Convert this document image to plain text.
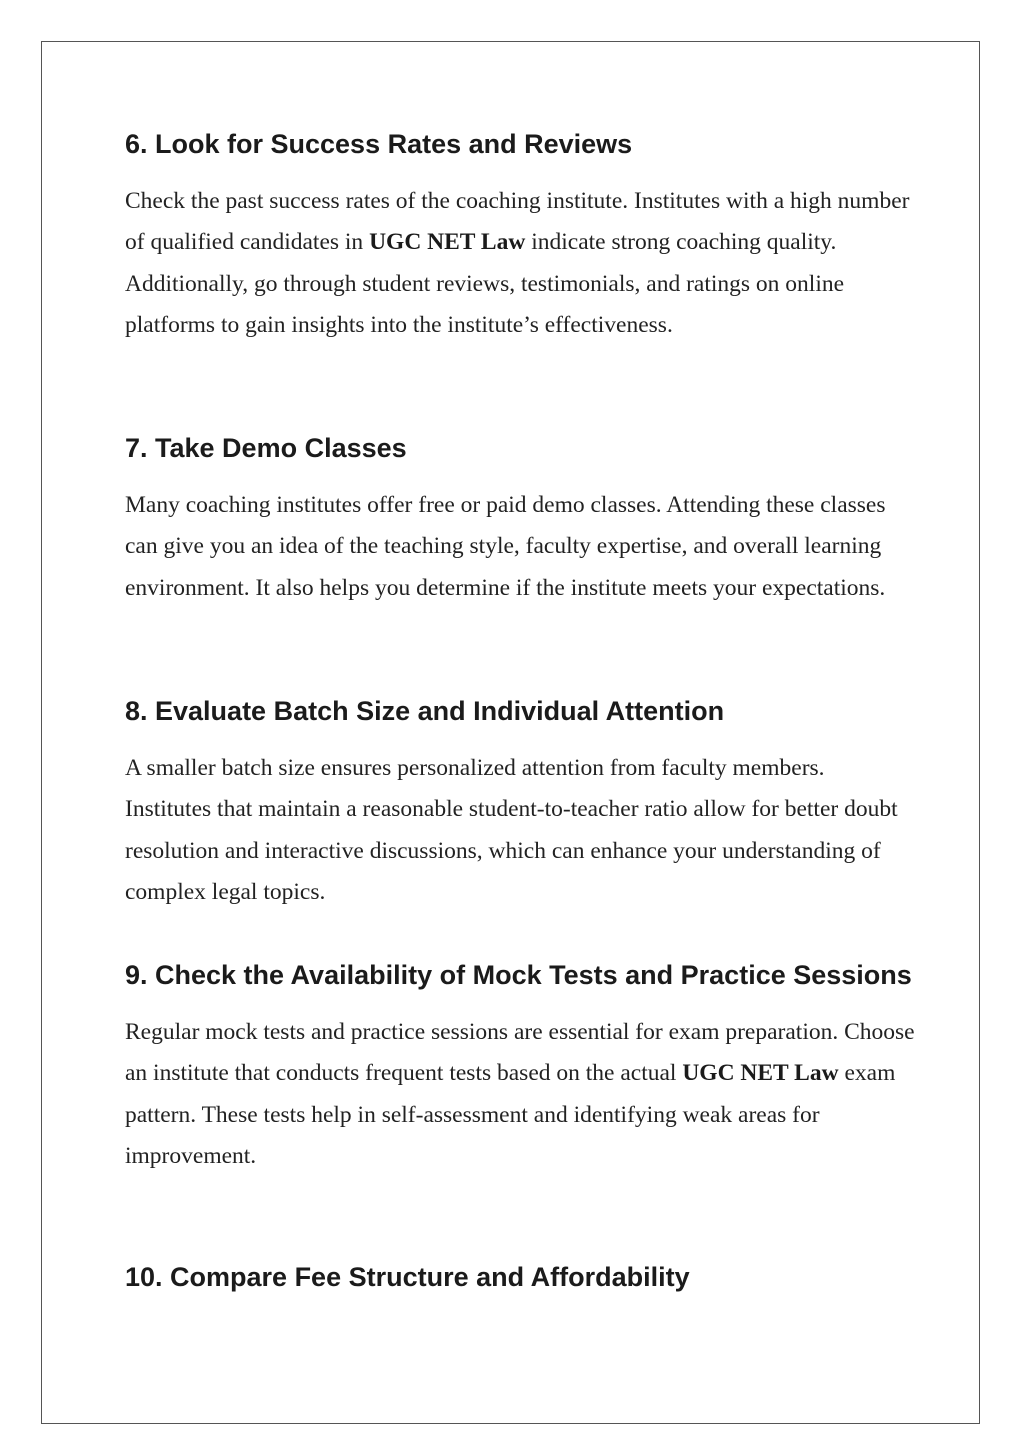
6. Look for Success Rates and Reviews

Check the past success rates of the coaching institute. Institutes with a high number of qualified candidates in UGC NET Law indicate strong coaching quality. Additionally, go through student reviews, testimonials, and ratings on online platforms to gain insights into the institute’s effectiveness.

7. Take Demo Classes

Many coaching institutes offer free or paid demo classes. Attending these classes can give you an idea of the teaching style, faculty expertise, and overall learning environment. It also helps you determine if the institute meets your expectations.

8. Evaluate Batch Size and Individual Attention

A smaller batch size ensures personalized attention from faculty members. Institutes that maintain a reasonable student-to-teacher ratio allow for better doubt resolution and interactive discussions, which can enhance your understanding of complex legal topics.

9. Check the Availability of Mock Tests and Practice Sessions

Regular mock tests and practice sessions are essential for exam preparation. Choose an institute that conducts frequent tests based on the actual UGC NET Law exam pattern. These tests help in self-assessment and identifying weak areas for improvement.

10. Compare Fee Structure and Affordability
